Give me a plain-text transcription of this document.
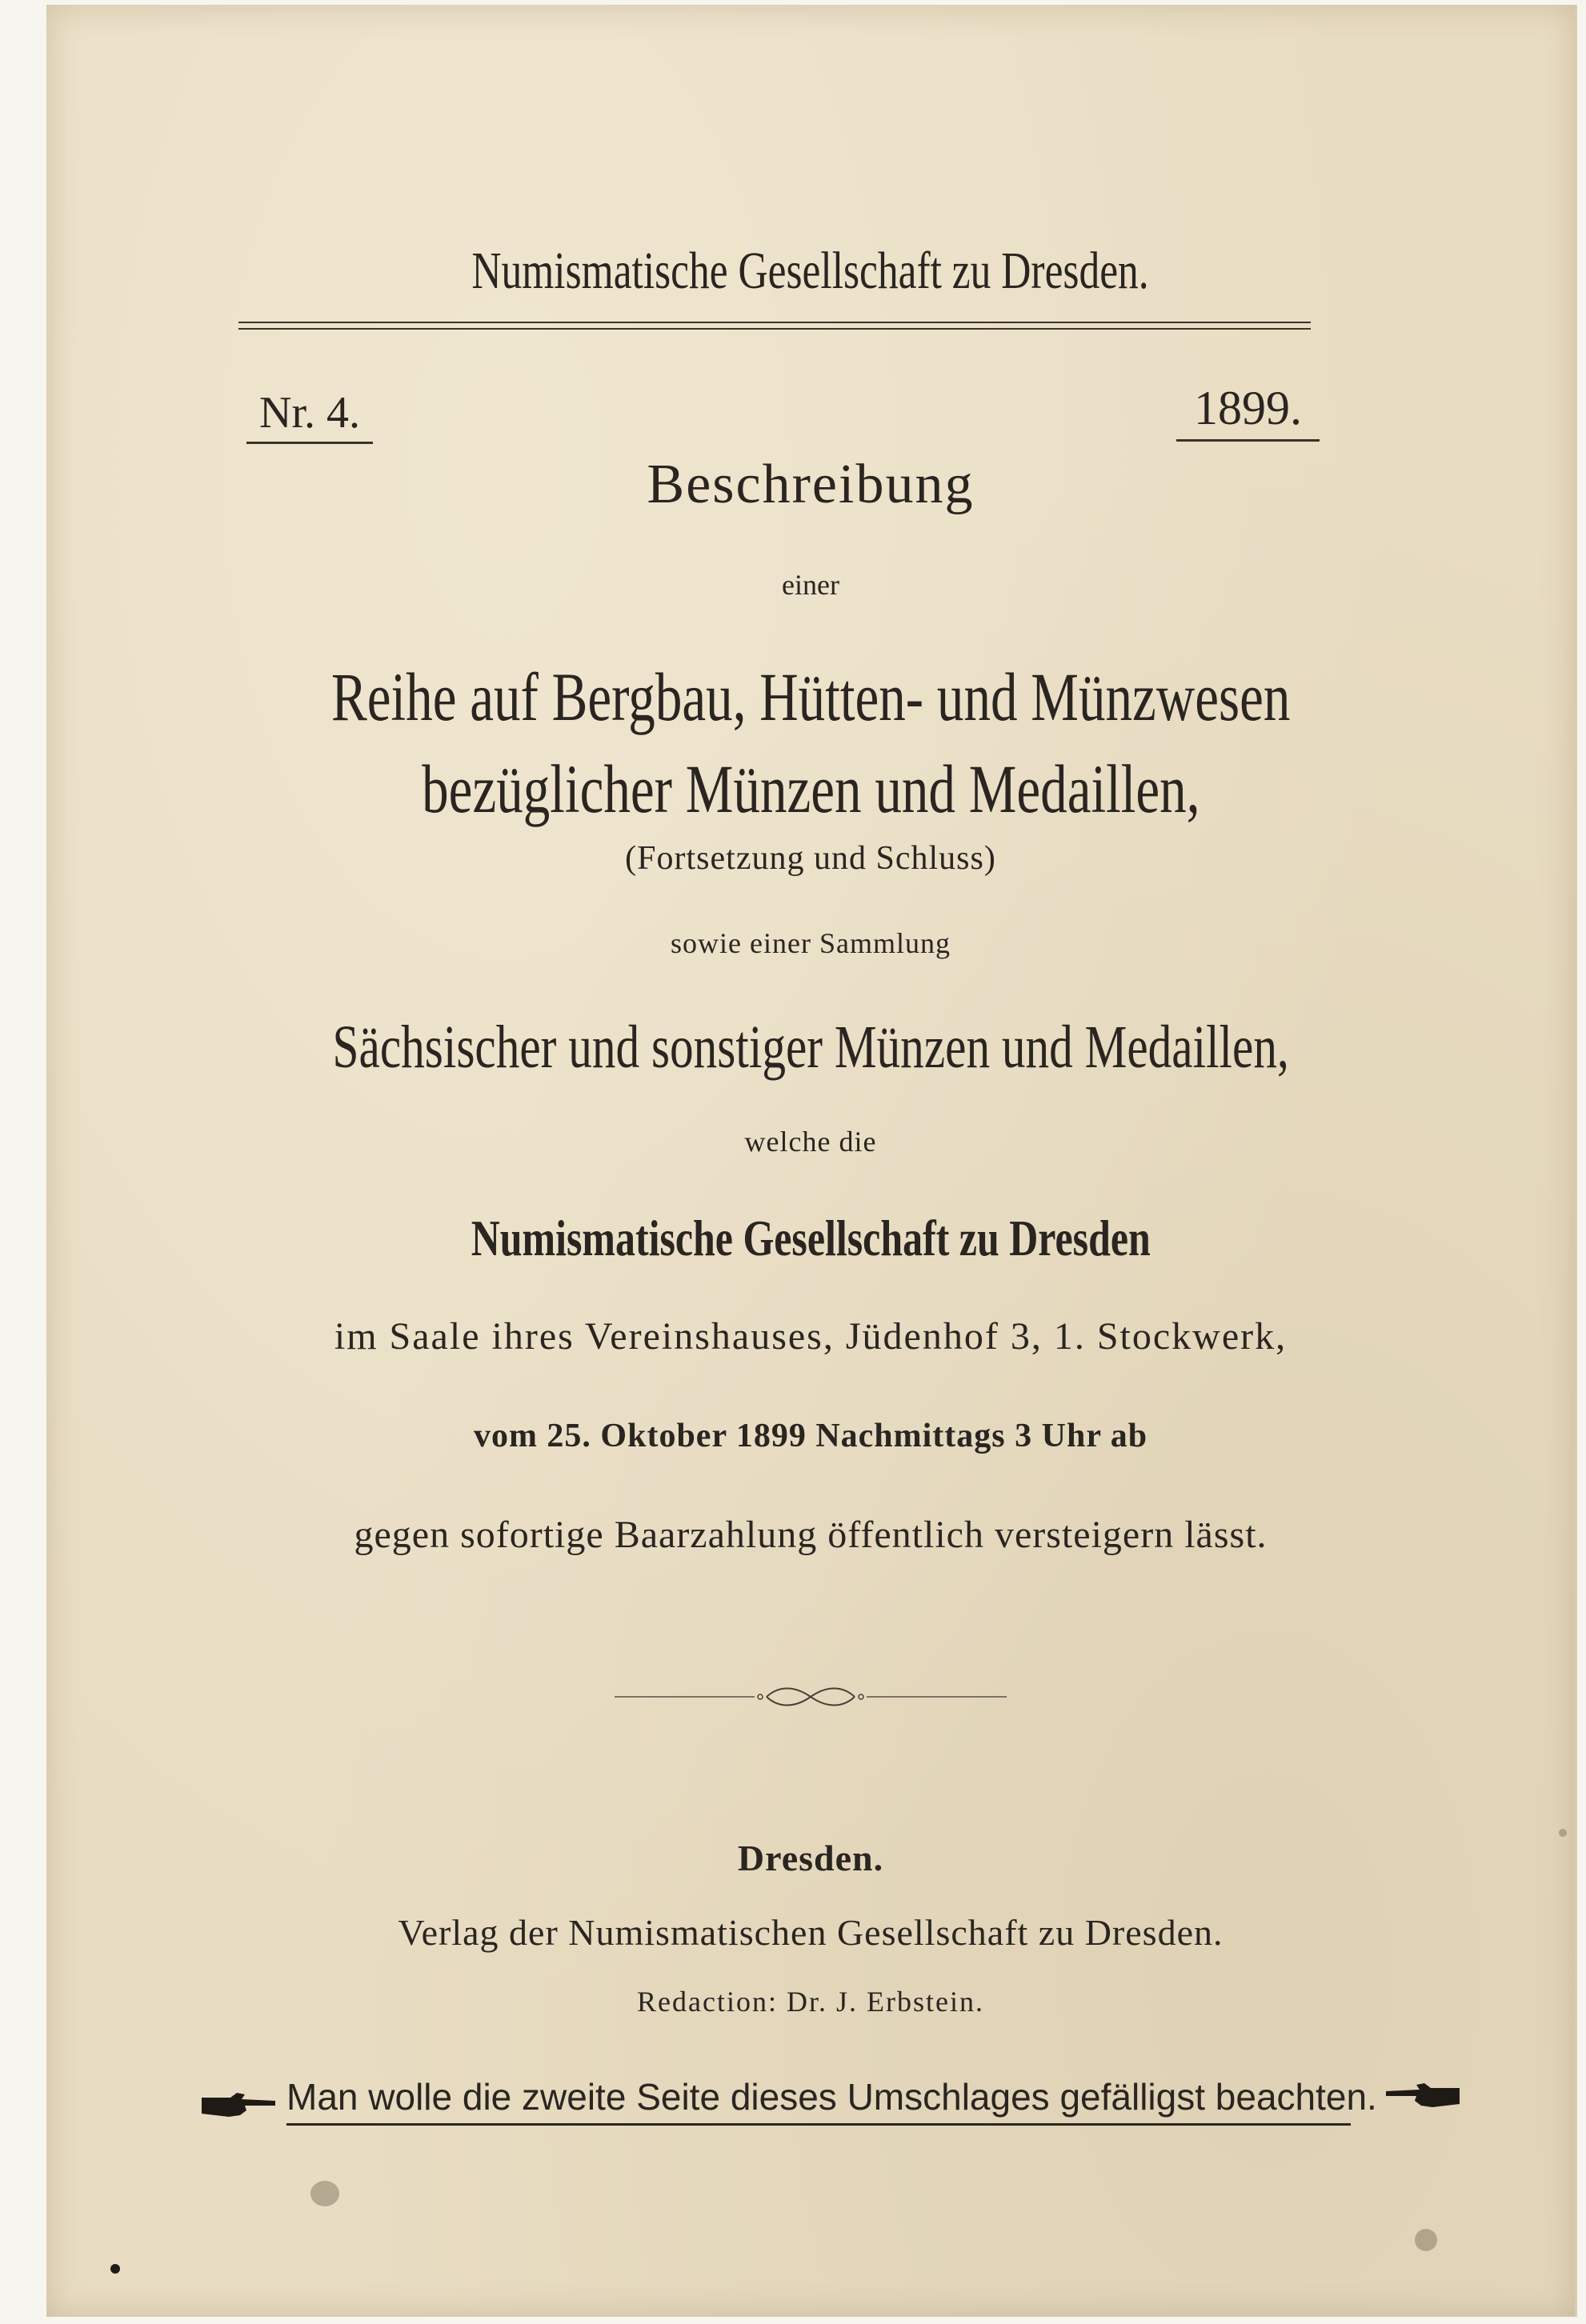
Numismatische Gesellschaft zu Dresden.
Nr. 4.	1899.
Beschreibung
einer
Reihe auf Bergbau, Hütten- und Münzwesen
bezüglicher Münzen und Medaillen,
(Fortsetzung und Schluss)
sowie einer Sammlung
Sächsischer und sonstiger Münzen und Medaillen,
welche die
Numismatische Gesellschaft zu Dresden
im Saale ihres Vereinshauses, Jüdenhof 3, 1. Stockwerk,
vom 25. Oktober 1899 Nachmittags 3 Uhr ab
gegen sofortige Baarzahlung öffentlich versteigern lässt.
Dresden.
Verlag der Numismatischen Gesellschaft zu Dresden.
Redaction: Dr. J. Erbstein.
Man wolle die zweite Seite dieses Umschlages gefälligst beachten.
